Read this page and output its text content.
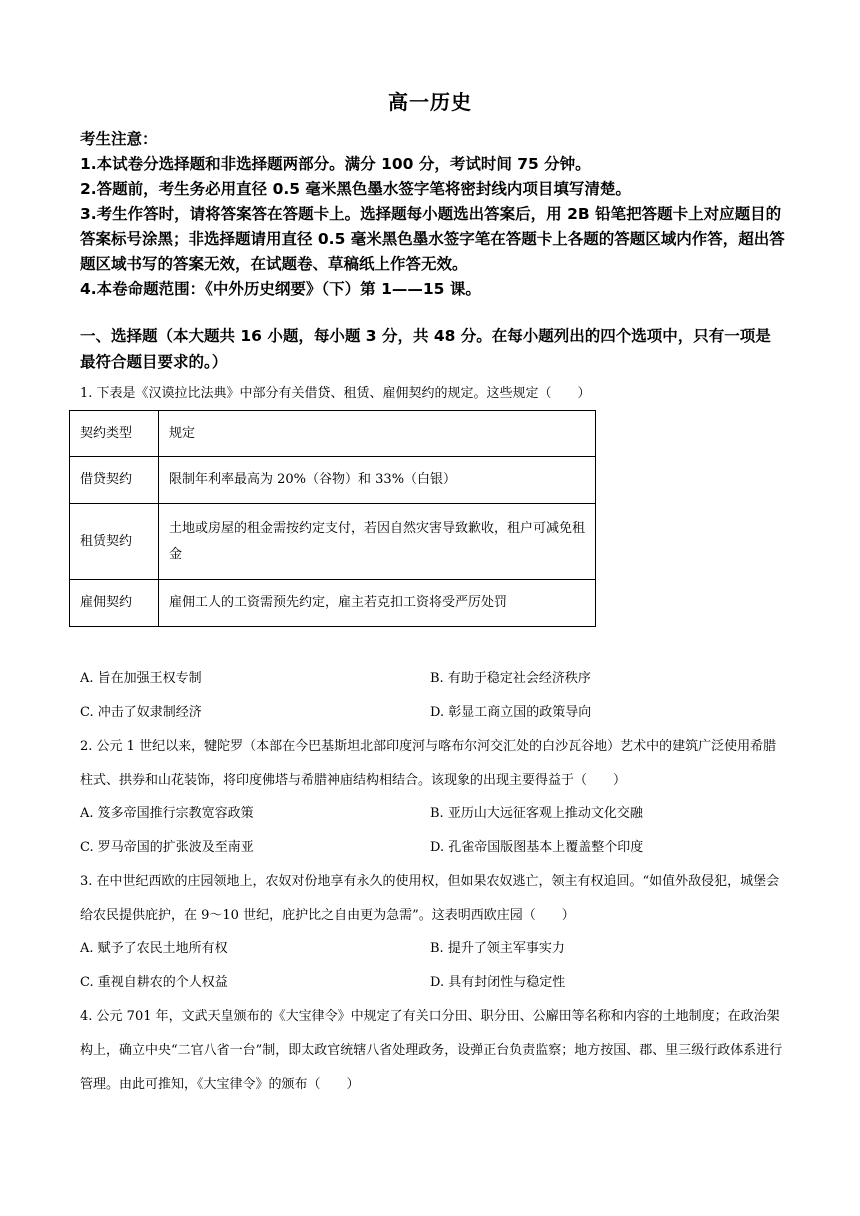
高一历史

考生注意：

1.本试卷分选择题和非选择题两部分。满分 100 分，考试时间 75 分钟。

2.答题前，考生务必用直径 0.5 毫米黑色墨水签字笔将密封线内项目填写清楚。

3.考生作答时，请将答案答在答题卡上。选择题每小题选出答案后，用 2B 铅笔把答题卡上对应题目的答案标号涂黑；非选择题请用直径 0.5 毫米黑色墨水签字笔在答题卡上各题的答题区域内作答，超出答题区域书写的答案无效，在试题卷、草稿纸上作答无效。

4.本卷命题范围：《中外历史纲要》（下）第 1——15 课。

一、选择题（本大题共 16 小题，每小题 3 分，共 48 分。在每小题列出的四个选项中，只有一项是最符合题目要求的。）

1. 下表是《汉谟拉比法典》中部分有关借贷、租赁、雇佣契约的规定。这些规定（　　）

契约类型	规定
借贷契约	限制年利率最高为 20%（谷物）和 33%（白银）
租赁契约	土地或房屋的租金需按约定支付，若因自然灾害导致歉收，租户可减免租金
雇佣契约	雇佣工人的工资需预先约定，雇主若克扣工资将受严厉处罚
A. 旨在加强王权专制	B. 有助于稳定社会经济秩序
C. 冲击了奴隶制经济	D. 彰显工商立国的政策导向

2. 公元 1 世纪以来，犍陀罗（本部在今巴基斯坦北部印度河与喀布尔河交汇处的白沙瓦谷地）艺术中的建筑广泛使用希腊柱式、拱券和山花装饰，将印度佛塔与希腊神庙结构相结合。该现象的出现主要得益于（　　）

A. 笈多帝国推行宗教宽容政策	B. 亚历山大远征客观上推动文化交融
C. 罗马帝国的扩张波及至南亚	D. 孔雀帝国版图基本上覆盖整个印度

3. 在中世纪西欧的庄园领地上，农奴对份地享有永久的使用权，但如果农奴逃亡，领主有权追回。“如值外敌侵犯，城堡会给农民提供庇护，在 9～10 世纪，庇护比之自由更为急需”。这表明西欧庄园（　　）

A. 赋予了农民土地所有权	B. 提升了领主军事实力
C. 重视自耕农的个人权益	D. 具有封闭性与稳定性

4. 公元 701 年，文武天皇颁布的《大宝律令》中规定了有关口分田、职分田、公廨田等名称和内容的土地制度；在政治架构上，确立中央“二官八省一台”制，即太政官统辖八省处理政务，设弹正台负责监察；地方按国、郡、里三级行政体系进行管理。由此可推知，《大宝律令》的颁布（　　）
